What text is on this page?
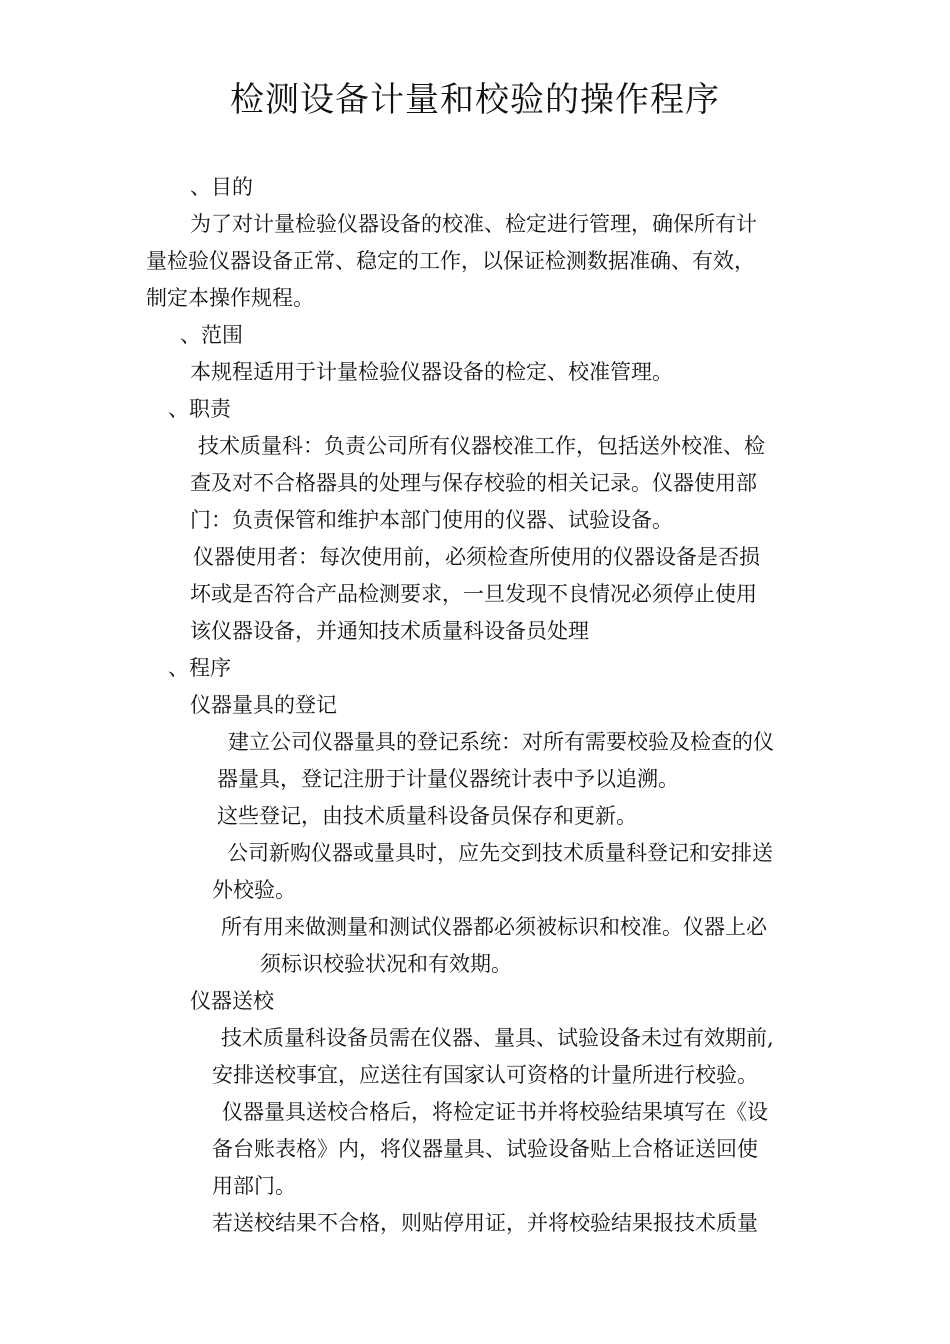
检测设备计量和校验的操作程序
、目的
为了对计量检验仪器设备的校准、检定进行管理，确保所有计
量检验仪器设备正常、稳定的工作，以保证检测数据准确、有效，
制定本操作规程。
、范围
本规程适用于计量检验仪器设备的检定、校准管理。
、职责
技术质量科：负责公司所有仪器校准工作，包括送外校准、检
查及对不合格器具的处理与保存校验的相关记录。仪器使用部
门：负责保管和维护本部门使用的仪器、试验设备。
仪器使用者：每次使用前，必须检查所使用的仪器设备是否损
坏或是否符合产品检测要求，一旦发现不良情况必须停止使用
该仪器设备，并通知技术质量科设备员处理
、程序
仪器量具的登记
建立公司仪器量具的登记系统：对所有需要校验及检查的仪
器量具，登记注册于计量仪器统计表中予以追溯。
这些登记，由技术质量科设备员保存和更新。
公司新购仪器或量具时，应先交到技术质量科登记和安排送
外校验。
所有用来做测量和测试仪器都必须被标识和校准。仪器上必
须标识校验状况和有效期。
仪器送校
技术质量科设备员需在仪器、量具、试验设备未过有效期前,
安排送校事宜，应送往有国家认可资格的计量所进行校验。
仪器量具送校合格后，将检定证书并将校验结果填写在《设
备台账表格》内，将仪器量具、试验设备贴上合格证送回使
用部门。
若送校结果不合格，则贴停用证，并将校验结果报技术质量
